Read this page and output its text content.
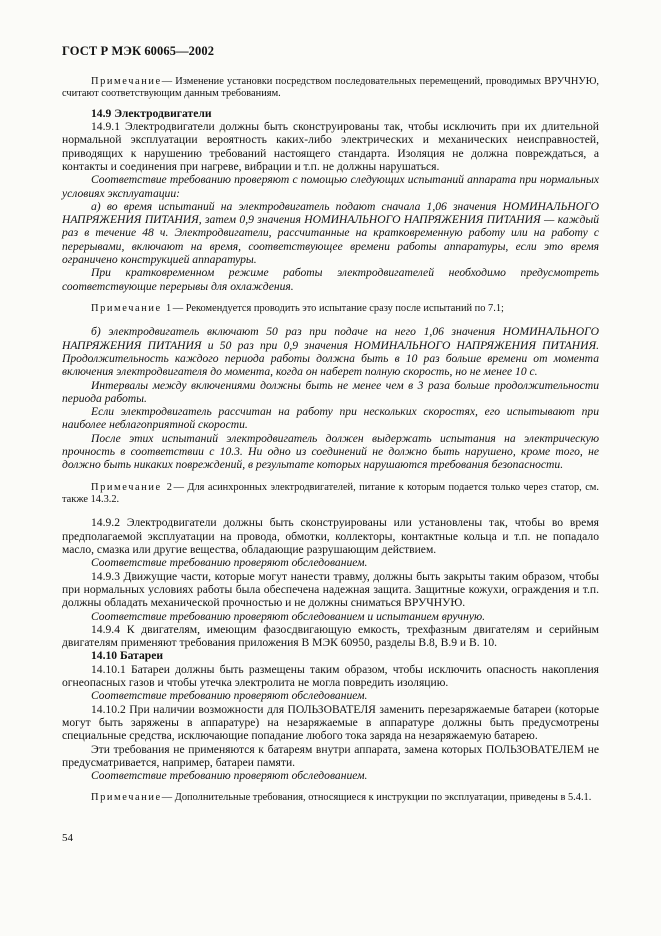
ГОСТ Р МЭК 60065—2002

Примечание— Изменение установки посредством последовательных перемещений, проводимых ВРУЧНУЮ, считают соответствующим данным требованиям.

14.9 Электродвигатели

14.9.1 Электродвигатели должны быть сконструированы так, чтобы исключить при их длительной нормальной эксплуатации вероятность каких-либо электрических и механических неисправностей, приводящих к нарушению требований настоящего стандарта. Изоляция не должна повреждаться, а контакты и соединения при нагреве, вибрации и т.п. не должны нарушаться.

Соответствие требованию проверяют с помощью следующих испытаний аппарата при нормальных условиях эксплуатации:

а) во время испытаний на электродвигатель подают сначала 1,06 значения НОМИНАЛЬНОГО НАПРЯЖЕНИЯ ПИТАНИЯ, затем 0,9 значения НОМИНАЛЬНОГО НАПРЯЖЕНИЯ ПИТАНИЯ — каждый раз в течение 48 ч. Электродвигатели, рассчитанные на кратковременную работу или на работу с перерывами, включают на время, соответствующее времени работы аппаратуры, если это время ограничено конструкцией аппаратуры.

При кратковременном режиме работы электродвигателей необходимо предусмотреть соответствующие перерывы для охлаждения.

Примечание 1— Рекомендуется проводить это испытание сразу после испытаний по 7.1;

б) электродвигатель включают 50 раз при подаче на него 1,06 значения НОМИНАЛЬНОГО НАПРЯЖЕНИЯ ПИТАНИЯ и 50 раз при 0,9 значения НОМИНАЛЬНОГО НАПРЯЖЕНИЯ ПИТАНИЯ. Продолжительность каждого периода работы должна быть в 10 раз больше времени от момента включения электродвигателя до момента, когда он наберет полную скорость, но не менее 10 с.

Интервалы между включениями должны быть не менее чем в 3 раза больше продолжительности периода работы.

Если электродвигатель рассчитан на работу при нескольких скоростях, его испытывают при наиболее неблагоприятной скорости.

После этих испытаний электродвигатель должен выдержать испытания на электрическую прочность в соответствии с 10.3. Ни одно из соединений не должно быть нарушено, кроме того, не должно быть никаких повреждений, в результате которых нарушаются требования безопасности.

Примечание 2— Для асинхронных электродвигателей, питание к которым подается только через статор, см. также 14.3.2.

14.9.2 Электродвигатели должны быть сконструированы или установлены так, чтобы во время предполагаемой эксплуатации на провода, обмотки, коллекторы, контактные кольца и т.п. не попадало масло, смазка или другие вещества, обладающие разрушающим действием.

Соответствие требованию проверяют обследованием.

14.9.3 Движущие части, которые могут нанести травму, должны быть закрыты таким образом, чтобы при нормальных условиях работы была обеспечена надежная защита. Защитные кожухи, ограждения и т.п. должны обладать механической прочностью и не должны сниматься ВРУЧНУЮ.

Соответствие требованию проверяют обследованием и испытанием вручную.

14.9.4 К двигателям, имеющим фазосдвигающую емкость, трехфазным двигателям и серийным двигателям применяют требования приложения В МЭК 60950, разделы В.8, В.9 и В. 10.

14.10 Батареи

14.10.1 Батареи должны быть размещены таким образом, чтобы исключить опасность накопления огнеопасных газов и чтобы утечка электролита не могла повредить изоляцию.

Соответствие требованию проверяют обследованием.

14.10.2 При наличии возможности для ПОЛЬЗОВАТЕЛЯ заменить перезаряжаемые батареи (которые могут быть заряжены в аппаратуре) на незаряжаемые в аппаратуре должны быть предусмотрены специальные средства, исключающие попадание любого тока заряда на незаряжаемую батарею.

Эти требования не применяются к батареям внутри аппарата, замена которых ПОЛЬЗОВАТЕЛЕМ не предусматривается, например, батареи памяти.

Соответствие требованию проверяют обследованием.

Примечание— Дополнительные требования, относящиеся к инструкции по эксплуатации, приведены в 5.4.1.

54
